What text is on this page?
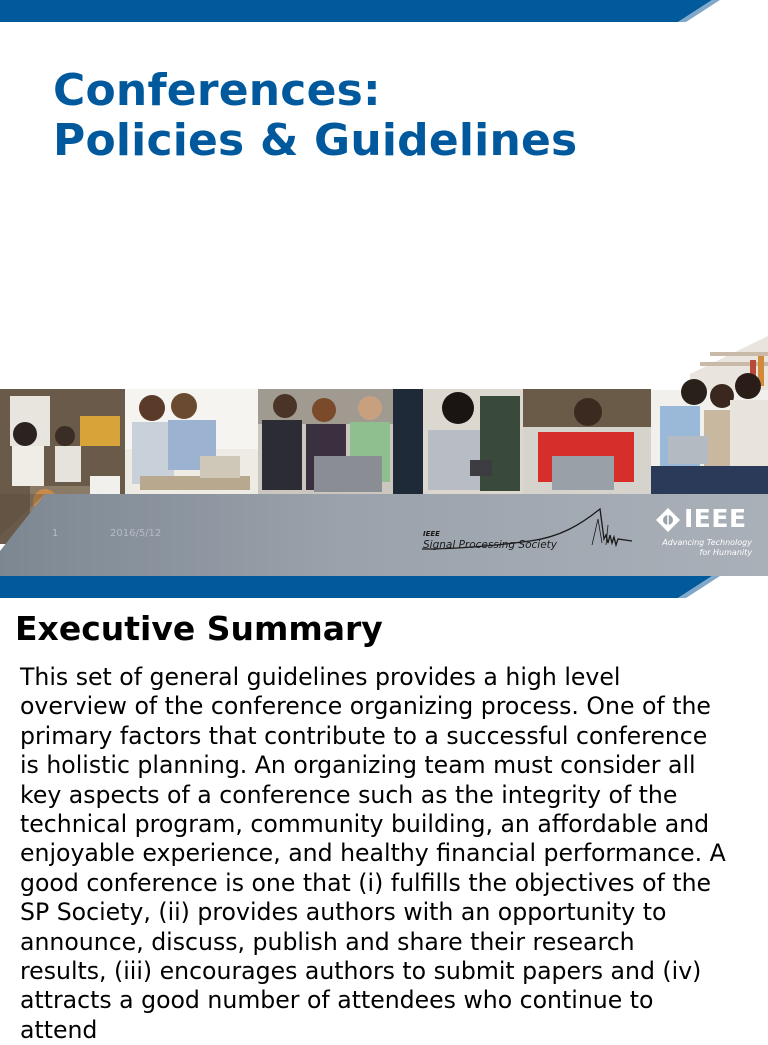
Conferences:
Policies & Guidelines
1	2016/5/12	IEEE
Signal Processing Society
IEEE
Advancing Technology
for Humanity
Executive Summary
This set of general guidelines provides a high level
overview of the conference organizing process. One of the
primary factors that contribute to a successful conference
is holistic planning. An organizing team must consider all
key aspects of a conference such as the integrity of the
technical program, community building, an affordable and
enjoyable experience, and healthy financial performance. A
good conference is one that (i) fulfills the objectives of the
SP Society, (ii) provides authors with an opportunity to
announce, discuss, publish and share their research
results, (iii) encourages authors to submit papers and (iv)
attracts a good number of attendees who continue to
attend
